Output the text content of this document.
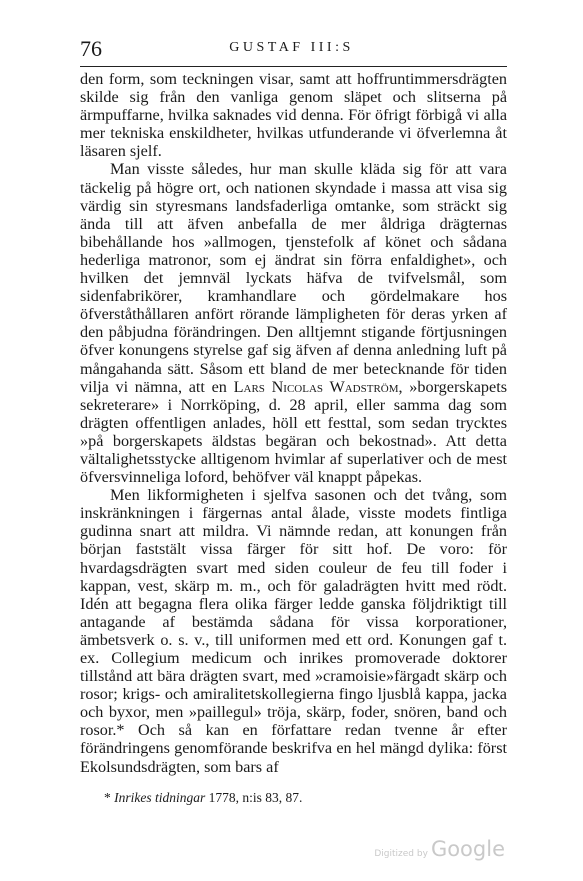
76	GUSTAF III:S

den form, som teckningen visar, samt att hoffruntimmersdrägten skilde sig från den vanliga genom släpet och slitserna på ärmpuffarne, hvilka saknades vid denna. För öfrigt förbigå vi alla mer tekniska enskildheter, hvilkas utfunderande vi öfverlemna åt läsaren sjelf.

Man visste således, hur man skulle kläda sig för att vara täckelig på högre ort, och nationen skyndade i massa att visa sig värdig sin styresmans landsfaderliga omtanke, som sträckt sig ända till att äfven anbefalla de mer åldriga drägternas bibehållande hos »allmogen, tjenstefolk af könet och sådana hederliga matronor, som ej ändrat sin förra enfaldighet», och hvilken det jemnväl lyckats häfva de tvifvelsmål, som sidenfabrikörer, kramhandlare och gördelmakare hos öfverståthållaren anfört rörande lämpligheten för deras yrken af den påbjudna förändringen. Den alltjemnt stigande förtjusningen öfver konungens styrelse gaf sig äfven af denna anledning luft på mångahanda sätt. Såsom ett bland de mer betecknande för tiden vilja vi nämna, att en Lars Nicolas Wadström, »borgerskapets sekreterare» i Norrköping, d. 28 april, eller samma dag som drägten offentligen anlades, höll ett festtal, som sedan trycktes »på borgerskapets äldstas begäran och bekostnad». Att detta vältalighetsstycke alltigenom hvimlar af superlativer och de mest öfversvinneliga loford, behöfver väl knappt påpekas.

Men likformigheten i sjelfva sasonen och det tvång, som inskränkningen i färgernas antal ålade, visste modets fintliga gudinna snart att mildra. Vi nämnde redan, att konungen från början faststält vissa färger för sitt hof. De voro: för hvardagsdrägten svart med siden couleur de feu till foder i kappan, vest, skärp m. m., och för galadrägten hvitt med rödt. Idén att begagna flera olika färger ledde ganska följdriktigt till antagande af bestämda sådana för vissa korporationer, ämbetsverk o. s. v., till uniformen med ett ord. Konungen gaf t. ex. Collegium medicum och inrikes promoverade doktorer tillstånd att bära drägten svart, med »cramoisie»färgadt skärp och rosor; krigs- och amiralitetskollegierna fingo ljusblå kappa, jacka och byxor, men »paillegul» tröja, skärp, foder, snören, band och rosor.* Och så kan en författare redan tvenne år efter förändringens genomförande beskrifva en hel mängd dylika: först Ekolsundsdrägten, som bars af

* Inrikes tidningar 1778, n:is 83, 87.
Digitized by Google
